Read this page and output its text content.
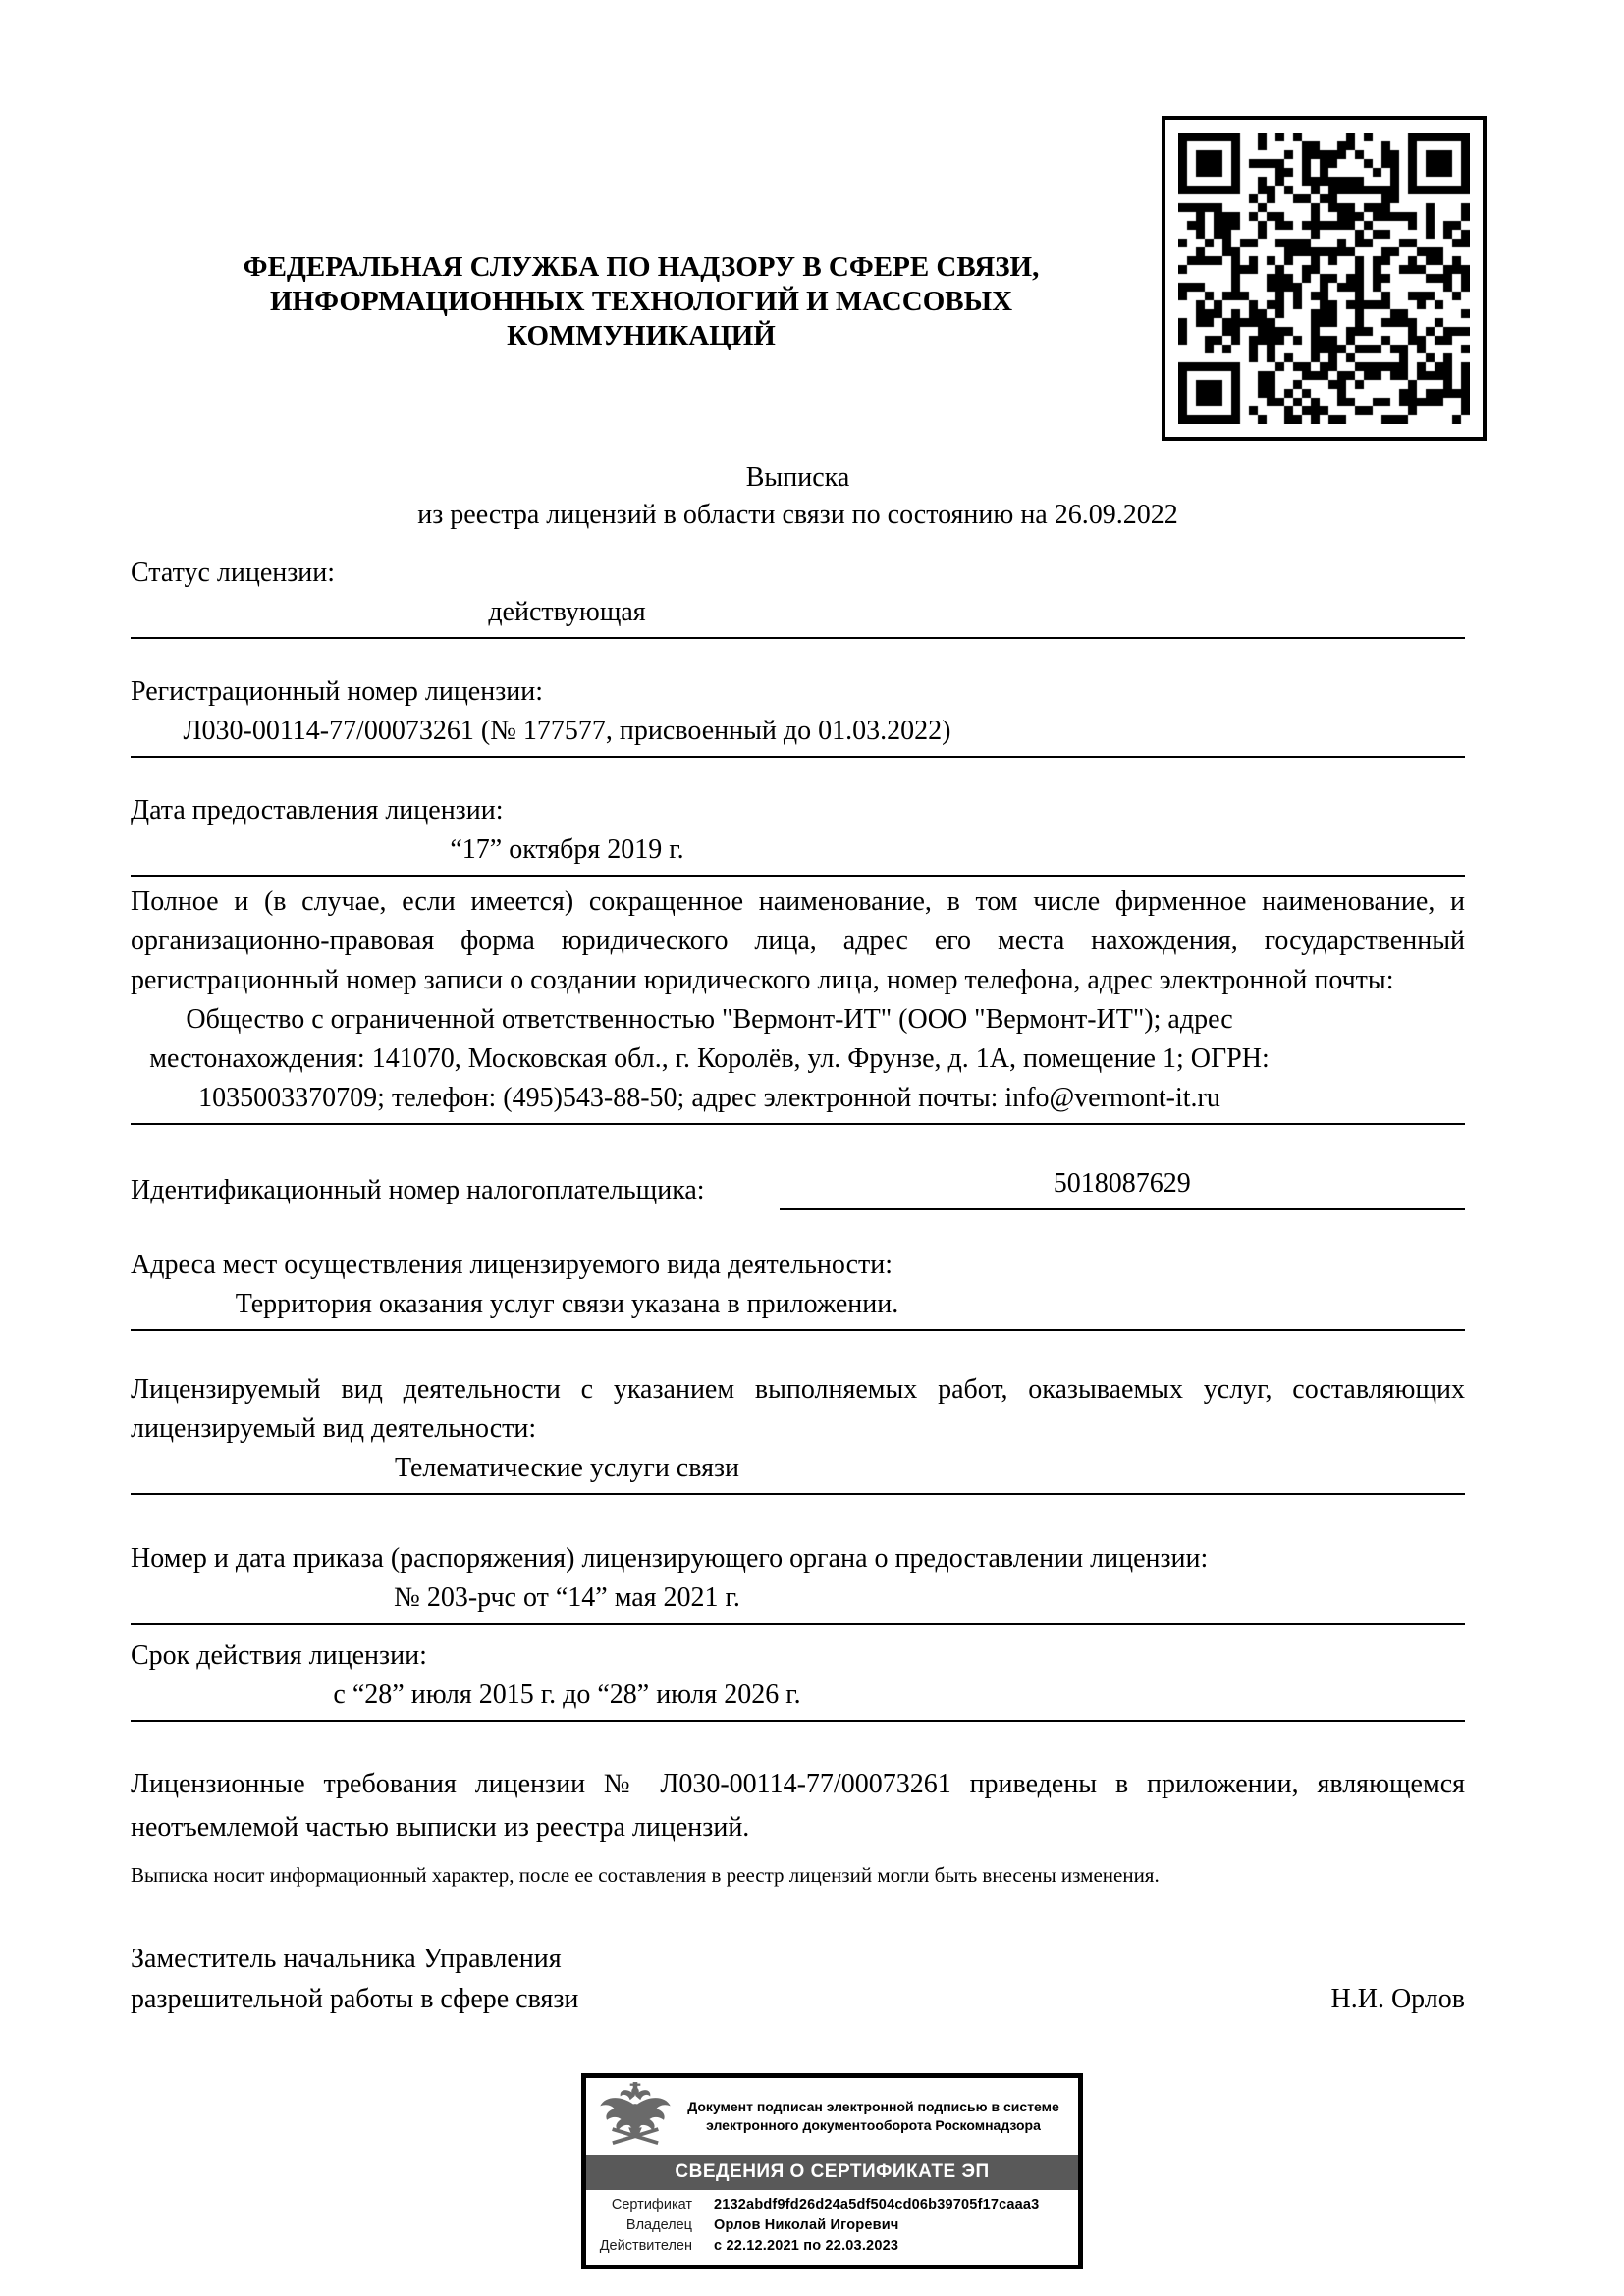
ФЕДЕРАЛЬНАЯ СЛУЖБА ПО НАДЗОРУ В СФЕРЕ СВЯЗИ,
ИНФОРМАЦИОННЫХ ТЕХНОЛОГИЙ И МАССОВЫХ
КОММУНИКАЦИЙ
Выписка
из реестра лицензий в области связи по состоянию на 26.09.2022
Статус лицензии:
действующая
Регистрационный номер лицензии:
Л030-00114-77/00073261 (№ 177577, присвоенный до 01.03.2022)
Дата предоставления лицензии:
“17” октября 2019 г.
Полное и (в случае, если имеется) сокращенное наименование, в том числе фирменное наименование, и организационно-правовая форма юридического лица, адрес его места нахождения, государственный регистрационный номер записи о создании юридического лица, номер телефона, адрес электронной почты:
Общество с ограниченной ответственностью "Вермонт-ИТ" (ООО "Вермонт-ИТ"); адрес местонахождения: 141070, Московская обл., г. Королёв, ул. Фрунзе, д. 1А, помещение 1; ОГРН: 1035003370709; телефон: (495)543-88-50; адрес электронной почты: info@vermont-it.ru
Идентификационный номер налогоплательщика:	5018087629
Адреса мест осуществления лицензируемого вида деятельности:
Территория оказания услуг связи указана в приложении.
Лицензируемый вид деятельности с указанием выполняемых работ, оказываемых услуг, составляющих лицензируемый вид деятельности:
Телематические услуги связи
Номер и дата приказа (распоряжения) лицензирующего органа о предоставлении лицензии:
№ 203-рчс от “14” мая 2021 г.
Срок действия лицензии:
с “28” июля 2015 г. до “28” июля 2026 г.

Лицензионные требования лицензии № Л030-00114-77/00073261 приведены в приложении, являющемся неотъемлемой частью выписки из реестра лицензий.

Выписка носит информационный характер, после ее составления в реестр лицензий могли быть внесены изменения.

Заместитель начальника Управления
разрешительной работы в сфере связи	Н.И. Орлов
Документ подписан электронной подписью в системе электронного документооборота Роскомнадзора
СВЕДЕНИЯ О СЕРТИФИКАТЕ ЭП
Сертификат	2132abdf9fd26d24a5df504cd06b39705f17caaa3
Владелец	Орлов Николай Игоревич
Действителен	с 22.12.2021 по 22.03.2023
